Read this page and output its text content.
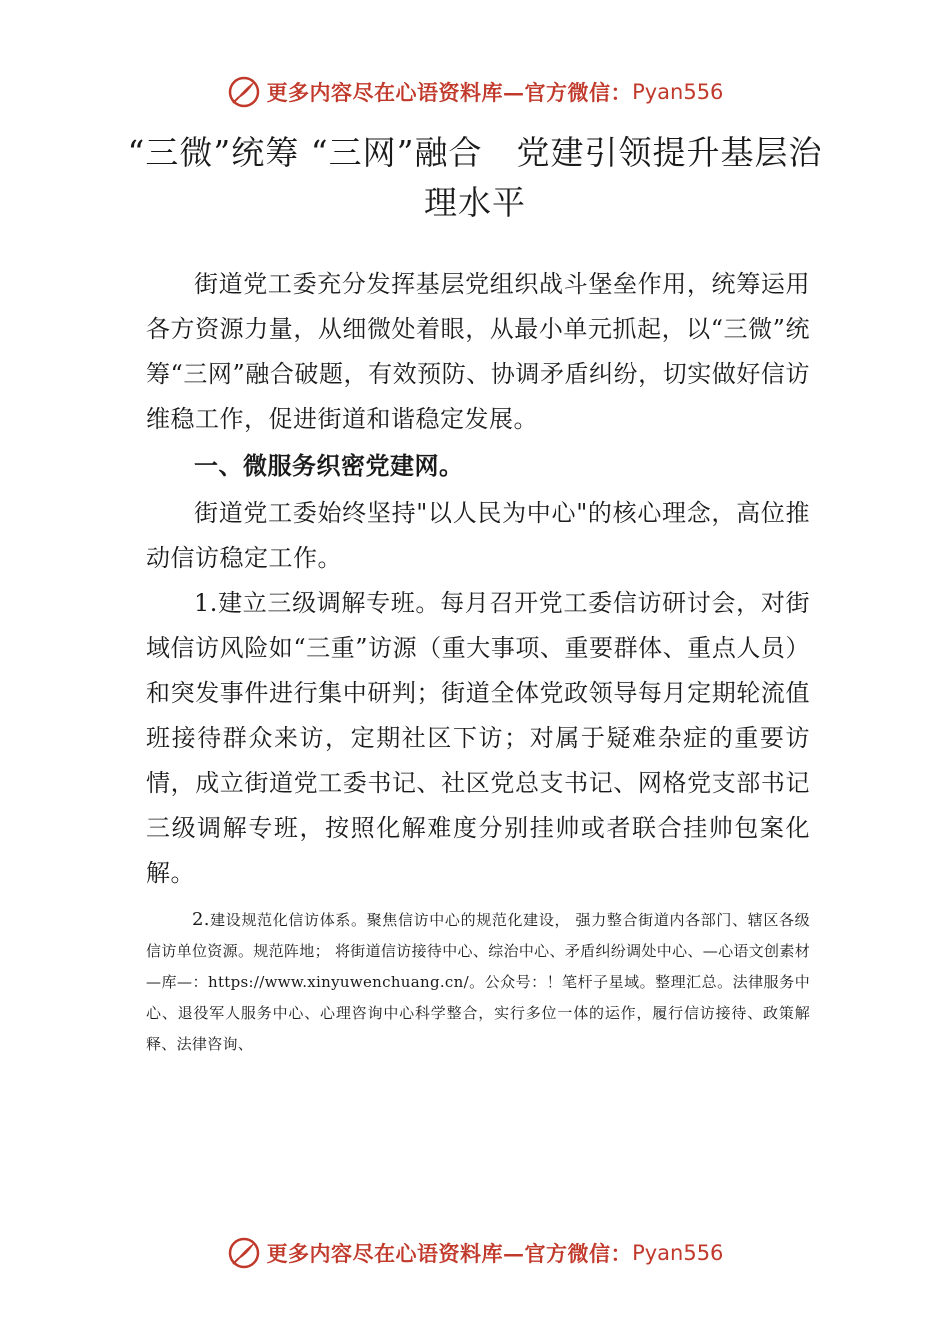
更多内容尽在心语资料库—官方微信： Pyan556
“三微”统筹 “三网”融合　党建引领提升基层治
理水平

街道党工委充分发挥基层党组织战斗堡垒作用，统筹运用各方资源力量，从细微处着眼，从最小单元抓起，以“三微”统筹“三网”融合破题，有效预防、协调矛盾纠纷，切实做好信访维稳工作，促进街道和谐稳定发展。

一、微服务织密党建网。

街道党工委始终坚持"以人民为中心"的核心理念，高位推动信访稳定工作。

1.建立三级调解专班。每月召开党工委信访研讨会，对街域信访风险如“三重”访源（重大事项、重要群体、重点人员）和突发事件进行集中研判；街道全体党政领导每月定期轮流值班接待群众来访，定期社区下访；对属于疑难杂症的重要访情，成立街道党工委书记、社区党总支书记、网格党支部书记三级调解专班，按照化解难度分别挂帅或者联合挂帅包案化解。

2.建设规范化信访体系。聚焦信访中心的规范化建设， 强力整合街道内各部门、辖区各级信访单位资源。规范阵地； 将街道信访接待中心、综治中心、矛盾纠纷调处中心、—心语文创素材—库—：https://www.xinyuwenchuang.cn/。公众号：！笔杆子星域。整理汇总。法律服务中心、退役军人服务中心、心理咨询中心科学整合，实行多位一体的运作，履行信访接待、政策解释、法律咨询、

更多内容尽在心语资料库—官方微信： Pyan556
